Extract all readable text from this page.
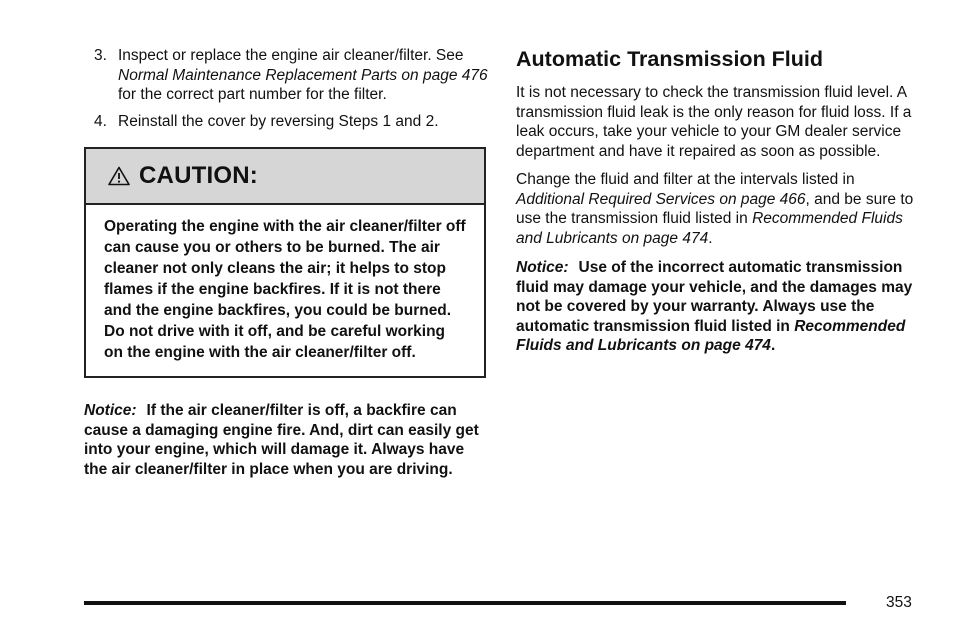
3. Inspect or replace the engine air cleaner/filter. See Normal Maintenance Replacement Parts on page 476 for the correct part number for the filter.
4. Reinstall the cover by reversing Steps 1 and 2.
CAUTION:
Operating the engine with the air cleaner/filter off can cause you or others to be burned. The air cleaner not only cleans the air; it helps to stop flames if the engine backfires. If it is not there and the engine backfires, you could be burned. Do not drive with it off, and be careful working on the engine with the air cleaner/filter off.
Notice: If the air cleaner/filter is off, a backfire can cause a damaging engine fire. And, dirt can easily get into your engine, which will damage it. Always have the air cleaner/filter in place when you are driving.
Automatic Transmission Fluid

It is not necessary to check the transmission fluid level. A transmission fluid leak is the only reason for fluid loss. If a leak occurs, take your vehicle to your GM dealer service department and have it repaired as soon as possible.

Change the fluid and filter at the intervals listed in Additional Required Services on page 466, and be sure to use the transmission fluid listed in Recommended Fluids and Lubricants on page 474.

Notice: Use of the incorrect automatic transmission fluid may damage your vehicle, and the damages may not be covered by your warranty. Always use the automatic transmission fluid listed in Recommended Fluids and Lubricants on page 474.
353
